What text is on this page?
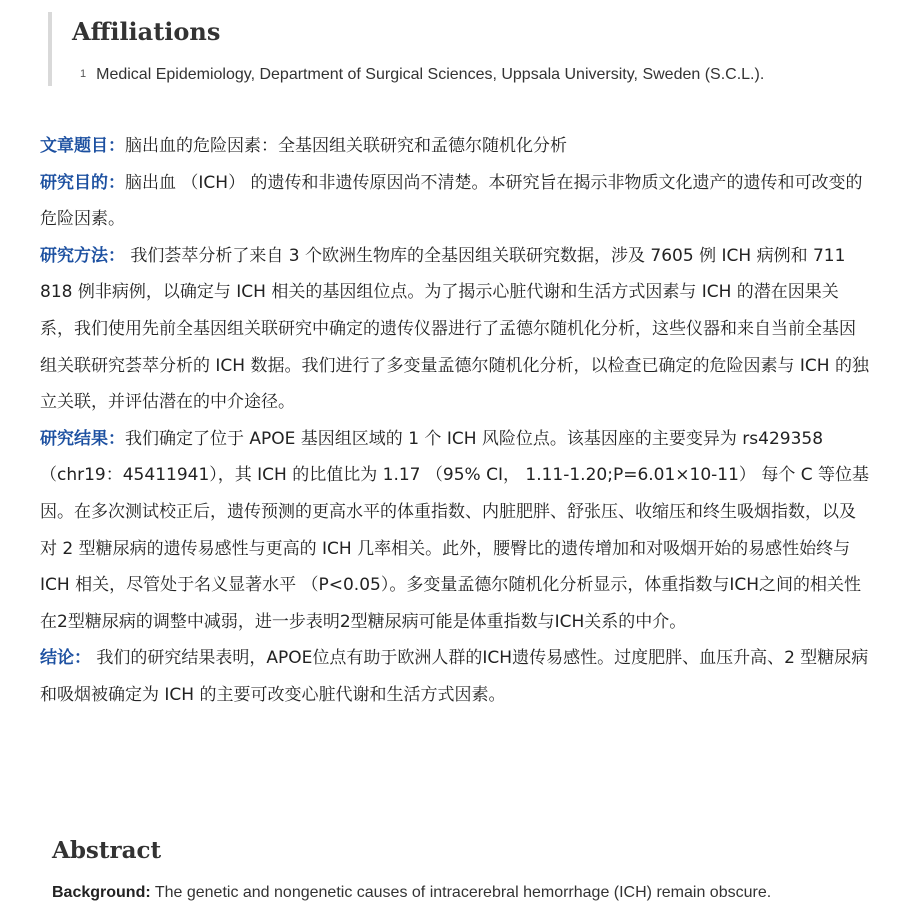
Affiliations
1 Medical Epidemiology, Department of Surgical Sciences, Uppsala University, Sweden (S.C.L.).

文章题目：脑出血的危险因素：全基因组关联研究和孟德尔随机化分析

研究目的：脑出血 （ICH） 的遗传和非遗传原因尚不清楚。本研究旨在揭示非物质文化遗产的遗传和可改变的危险因素。

研究方法： 我们荟萃分析了来自 3 个欧洲生物库的全基因组关联研究数据，涉及 7605 例 ICH 病例和 711 818 例非病例，以确定与 ICH 相关的基因组位点。为了揭示心脏代谢和生活方式因素与 ICH 的潜在因果关系，我们使用先前全基因组关联研究中确定的遗传仪器进行了孟德尔随机化分析，这些仪器和来自当前全基因组关联研究荟萃分析的 ICH 数据。我们进行了多变量孟德尔随机化分析，以检查已确定的危险因素与 ICH 的独立关联，并评估潜在的中介途径。

研究结果：我们确定了位于 APOE 基因组区域的 1 个 ICH 风险位点。该基因座的主要变异为 rs429358 （chr19：45411941），其 ICH 的比值比为 1.17 （95% CI， 1.11-1.20;P=6.01×10-11） 每个 C 等位基因。在多次测试校正后，遗传预测的更高水平的体重指数、内脏肥胖、舒张压、收缩压和终生吸烟指数，以及对 2 型糖尿病的遗传易感性与更高的 ICH 几率相关。此外，腰臀比的遗传增加和对吸烟开始的易感性始终与 ICH 相关，尽管处于名义显著水平 （P<0.05）。多变量孟德尔随机化分析显示，体重指数与ICH之间的相关性在2型糖尿病的调整中减弱，进一步表明2型糖尿病可能是体重指数与ICH关系的中介。

结论： 我们的研究结果表明，APOE位点有助于欧洲人群的ICH遗传易感性。过度肥胖、血压升高、2 型糖尿病和吸烟被确定为 ICH 的主要可改变心脏代谢和生活方式因素。

Abstract

Background: The genetic and nongenetic causes of intracerebral hemorrhage (ICH) remain obscure.
